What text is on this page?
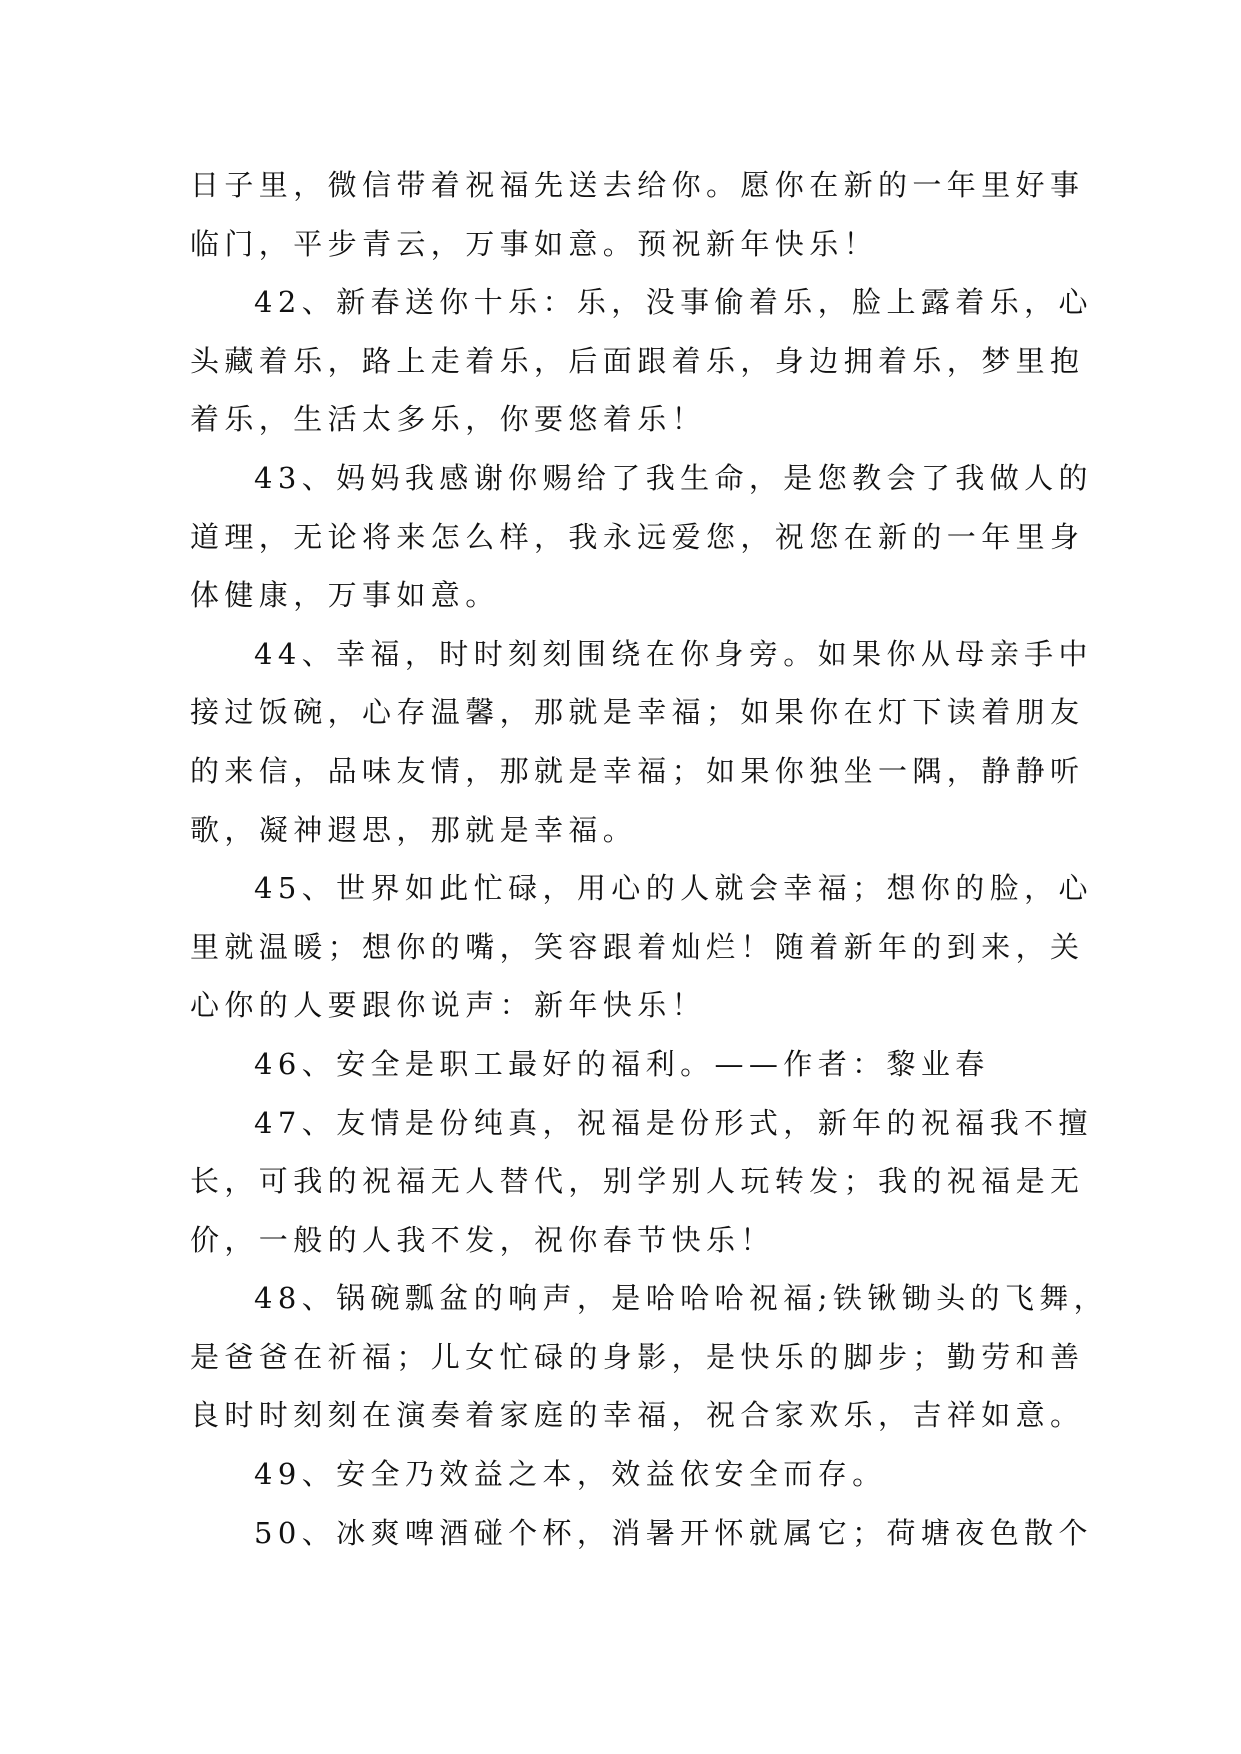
日子里，微信带着祝福先送去给你。愿你在新的一年里好事
临门，平步青云，万事如意。预祝新年快乐！
42、新春送你十乐：乐，没事偷着乐，脸上露着乐，心
头藏着乐，路上走着乐，后面跟着乐，身边拥着乐，梦里抱
着乐，生活太多乐，你要悠着乐！
43、妈妈我感谢你赐给了我生命，是您教会了我做人的
道理，无论将来怎么样，我永远爱您，祝您在新的一年里身
体健康，万事如意。
44、幸福，时时刻刻围绕在你身旁。如果你从母亲手中
接过饭碗，心存温馨，那就是幸福；如果你在灯下读着朋友
的来信，品味友情，那就是幸福；如果你独坐一隅，静静听
歌，凝神遐思，那就是幸福。
45、世界如此忙碌，用心的人就会幸福；想你的脸，心
里就温暖；想你的嘴，笑容跟着灿烂！随着新年的到来，关
心你的人要跟你说声：新年快乐！
46、安全是职工最好的福利。——作者：黎业春
47、友情是份纯真，祝福是份形式，新年的祝福我不擅
长，可我的祝福无人替代，别学别人玩转发；我的祝福是无
价，一般的人我不发，祝你春节快乐！
48、锅碗瓢盆的响声，是哈哈哈祝福;铁锹锄头的飞舞，
是爸爸在祈福；儿女忙碌的身影，是快乐的脚步；勤劳和善
良时时刻刻在演奏着家庭的幸福，祝合家欢乐，吉祥如意。
49、安全乃效益之本，效益依安全而存。
50、冰爽啤酒碰个杯，消暑开怀就属它；荷塘夜色散个
